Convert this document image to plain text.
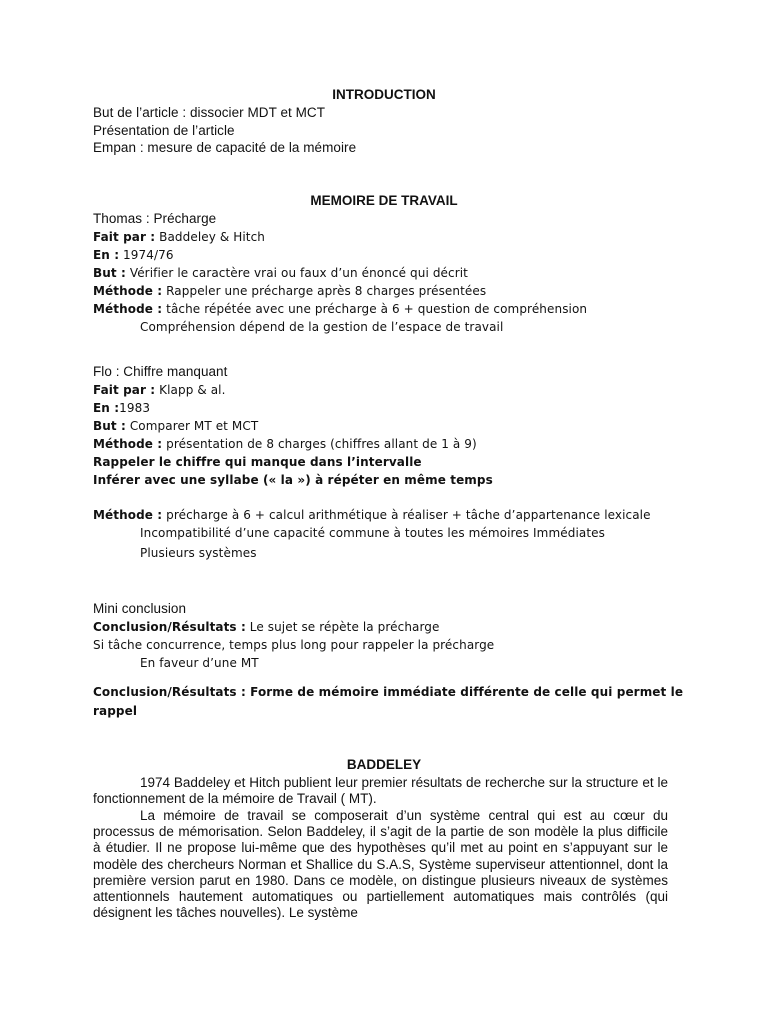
INTRODUCTION
But de l’article : dissocier MDT et MCT
Présentation de l’article
Empan : mesure de capacité de la mémoire
MEMOIRE DE TRAVAIL
Thomas : Précharge
Fait par : Baddeley & Hitch
En : 1974/76
But : Vérifier le caractère vrai ou faux d’un énoncé qui décrit
Méthode : Rappeler une précharge après 8 charges présentées
Méthode : tâche répétée avec une précharge à 6 + question de compréhension
Compréhension dépend de la gestion de l’espace de travail
Flo : Chiffre manquant
Fait par : Klapp & al.
En :1983
But : Comparer MT et MCT
Méthode : présentation de 8 charges (chiffres allant de 1 à 9)
Rappeler le chiffre qui manque dans l’intervalle
Inférer avec une syllabe (« la ») à répéter en même temps
Méthode : précharge à 6 + calcul arithmétique à réaliser + tâche d’appartenance lexicale
Incompatibilité d’une capacité commune à toutes les mémoires Immédiates
Plusieurs systèmes
Mini conclusion
Conclusion/Résultats : Le sujet se répète la précharge
Si tâche concurrence, temps plus long pour rappeler la précharge
En faveur d’une MT
Conclusion/Résultats : Forme de mémoire immédiate différente de celle qui permet le
rappel
BADDELEY

1974 Baddeley et Hitch publient leur premier résultats de recherche sur la structure et le fonctionnement de la mémoire de Travail ( MT).

La mémoire de travail se composerait d’un système central qui est au cœur du processus de mémorisation. Selon Baddeley, il s’agit de la partie de son modèle la plus difficile à étudier. Il ne propose lui-même que des hypothèses qu’il met au point en s’appuyant sur le modèle des chercheurs Norman et Shallice du S.A.S, Système superviseur attentionnel, dont la première version parut en 1980. Dans ce modèle, on distingue plusieurs niveaux de systèmes attentionnels hautement automatiques ou partiellement automatiques mais contrôlés (qui désignent les tâches nouvelles). Le système
